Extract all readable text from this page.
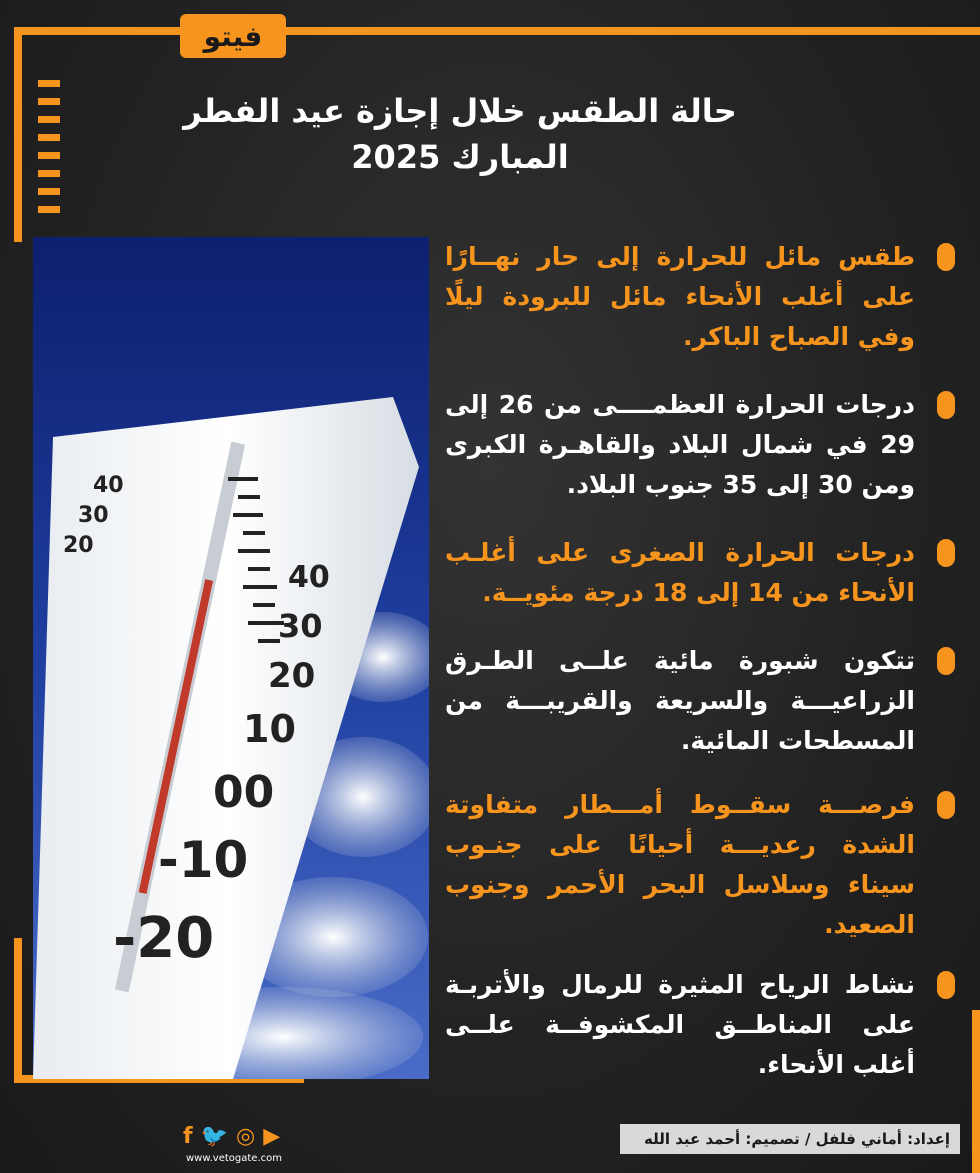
فيتو
حالة الطقس خلال إجازة عيد الفطر المبارك 2025
40
30
20
40
30
20
10
00
-10
-20
طقس مائل للحرارة إلى حار نهــارًا على أغلب الأنحاء مائل للبرودة ليلًا وفي الصباح الباكر.
درجات الحرارة العظمــــى من 26 إلى 29 في شمال البلاد والقاهـرة الكبرى ومن 30 إلى 35 جنوب البلاد.
درجات الحرارة الصغرى على أغلـب الأنحاء من 14 إلى 18 درجة مئويــة.
تتكون شبورة مائية علــى الطـرق الزراعيـــة والسريعة والقريبـــة من المسطحات المائية.
فرصـــة سقــوط أمـــطار متفاوتة الشدة رعديـــة أحيانًا على جنـوب سيناء وسلاسل البحر الأحمر وجنوب الصعيد.
نشاط الرياح المثيرة للرمال والأتربـة على المناطــق المكشوفــة علــى أغلب الأنحاء.
f 🐦 ◎ ▶
www.vetogate.com
إعداد: أماني فلفل / تصميم: أحمد عبد الله
